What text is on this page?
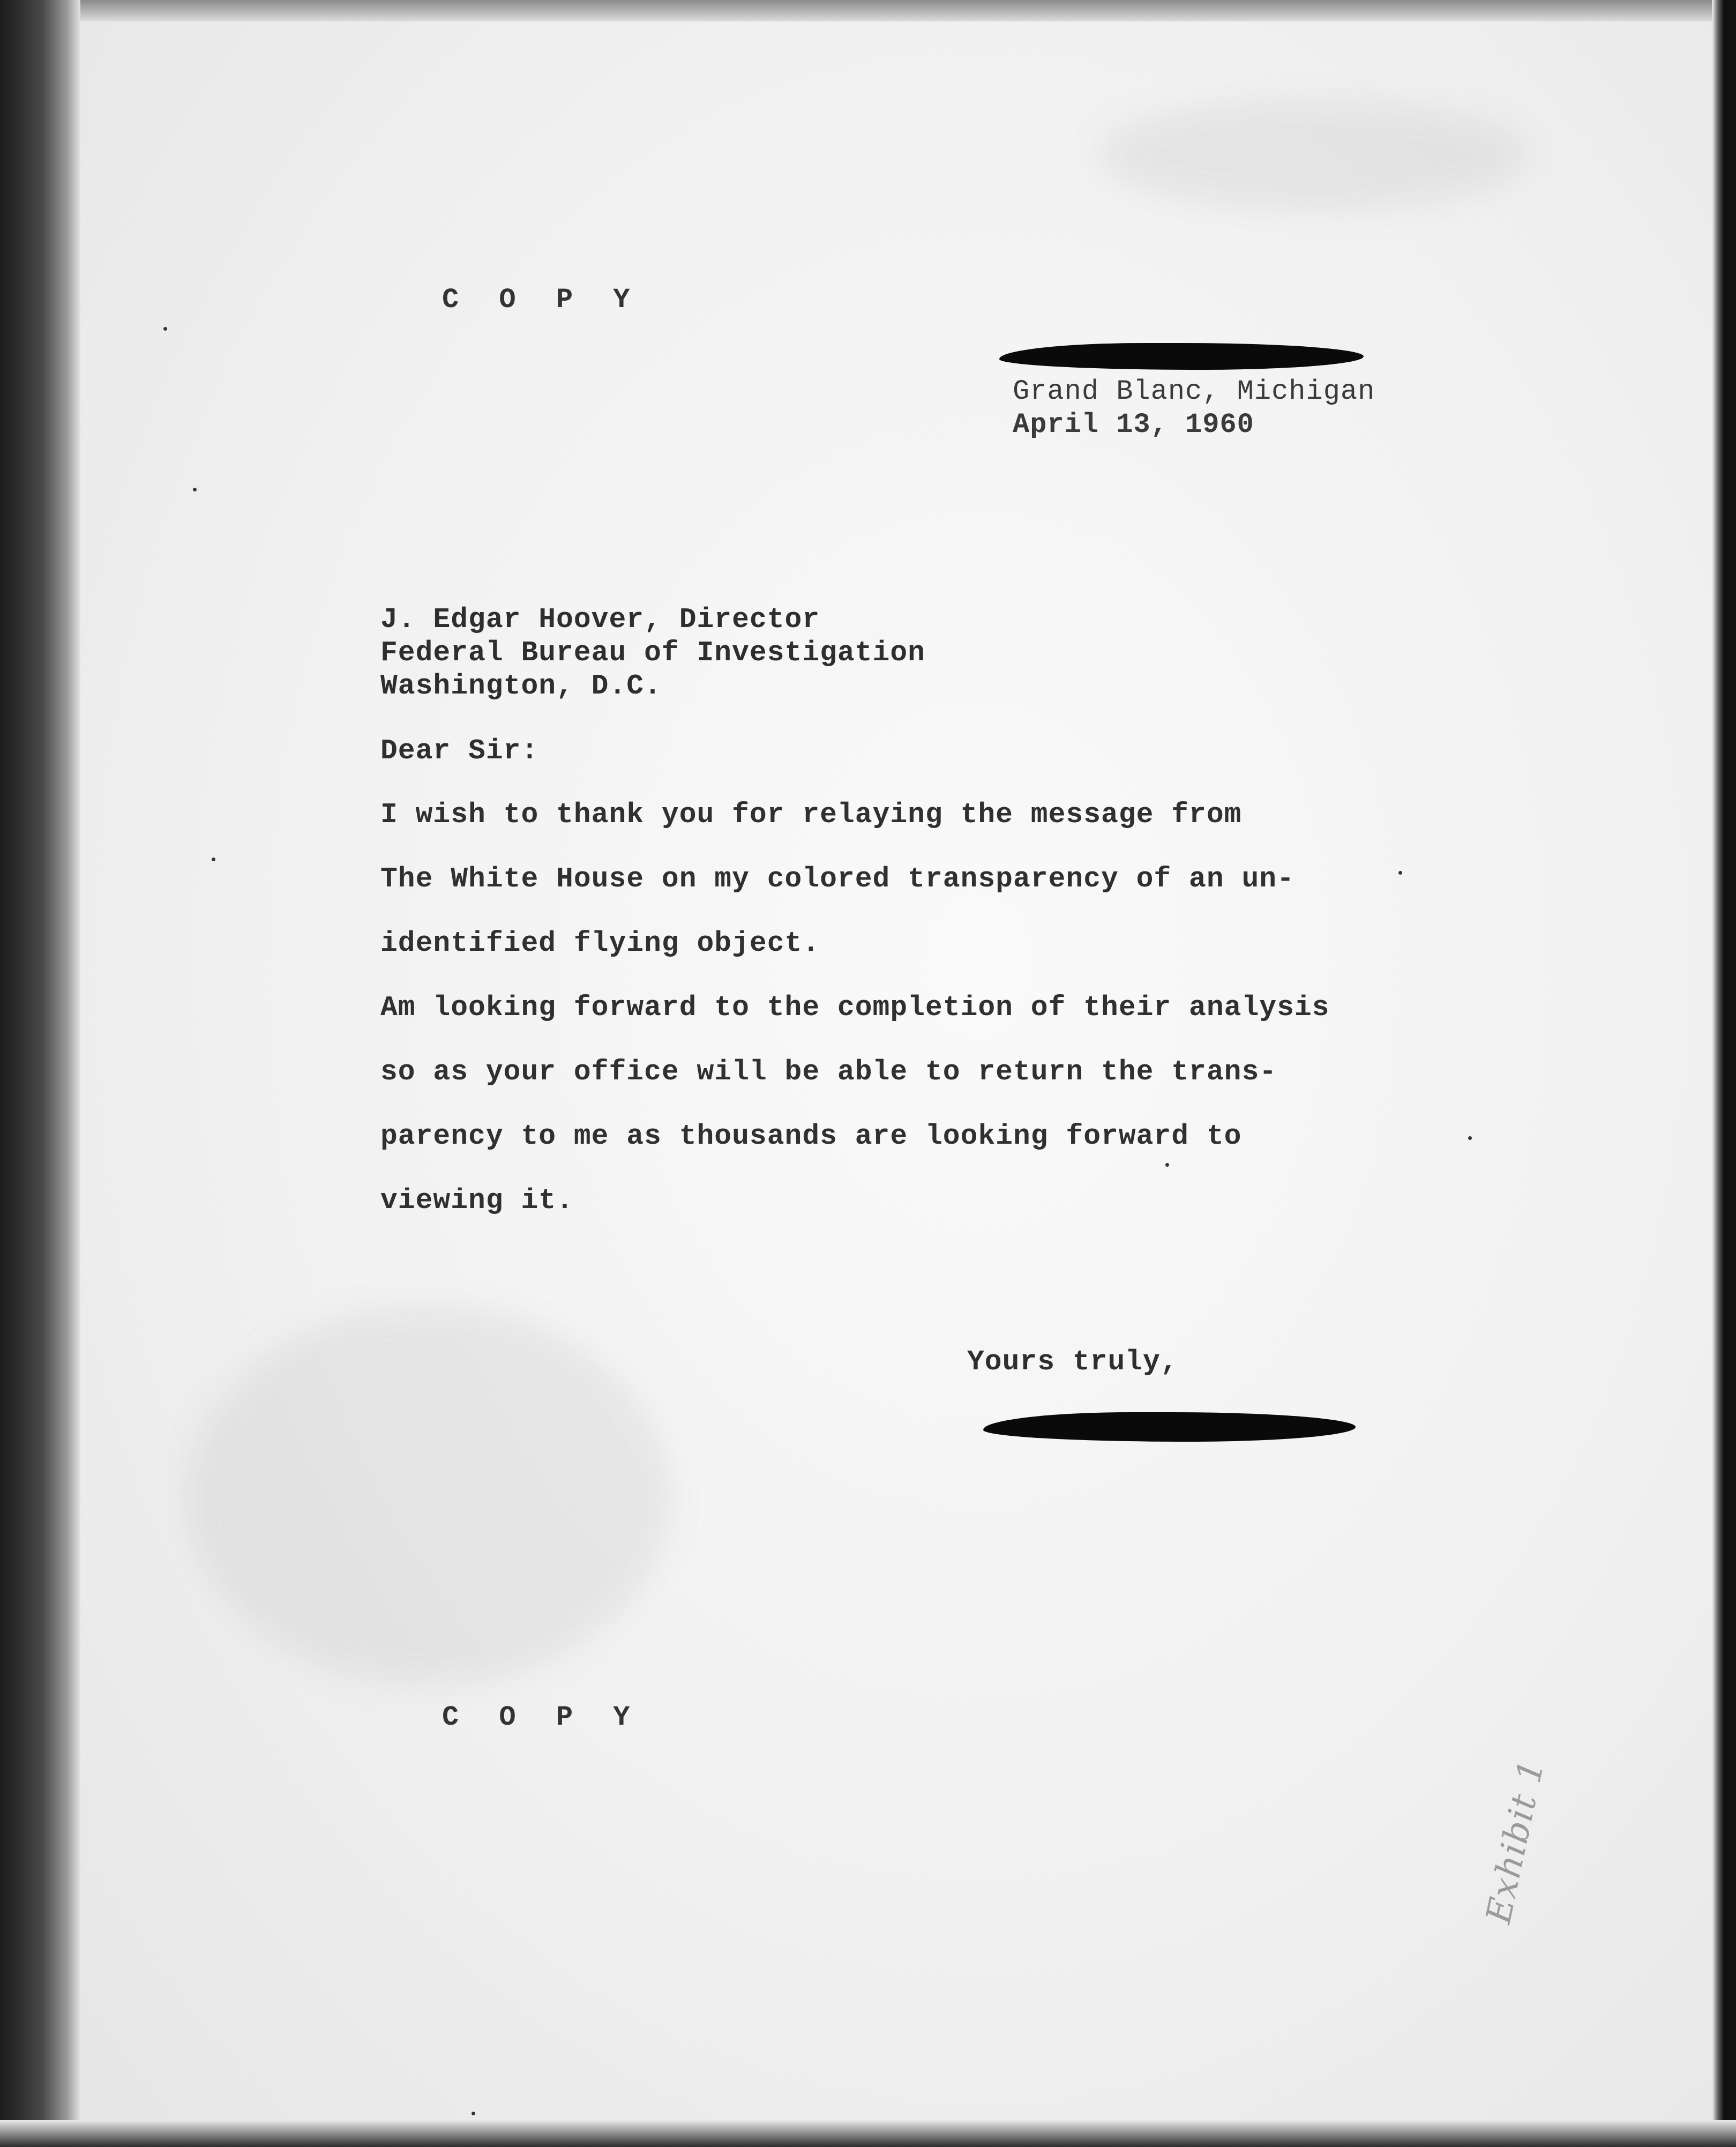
C O P Y
Grand Blanc, Michigan
April 13, 1960
J. Edgar Hoover, Director
Federal Bureau of Investigation
Washington, D.C.
Dear Sir:
I wish to thank you for relaying the message from
The White House on my colored transparency of an un-
identified flying object.
Am looking forward to the completion of their analysis
so as your office will be able to return the trans-
parency to me as thousands are looking forward to
viewing it.
Yours truly,
C O P Y
Exhibit 1
